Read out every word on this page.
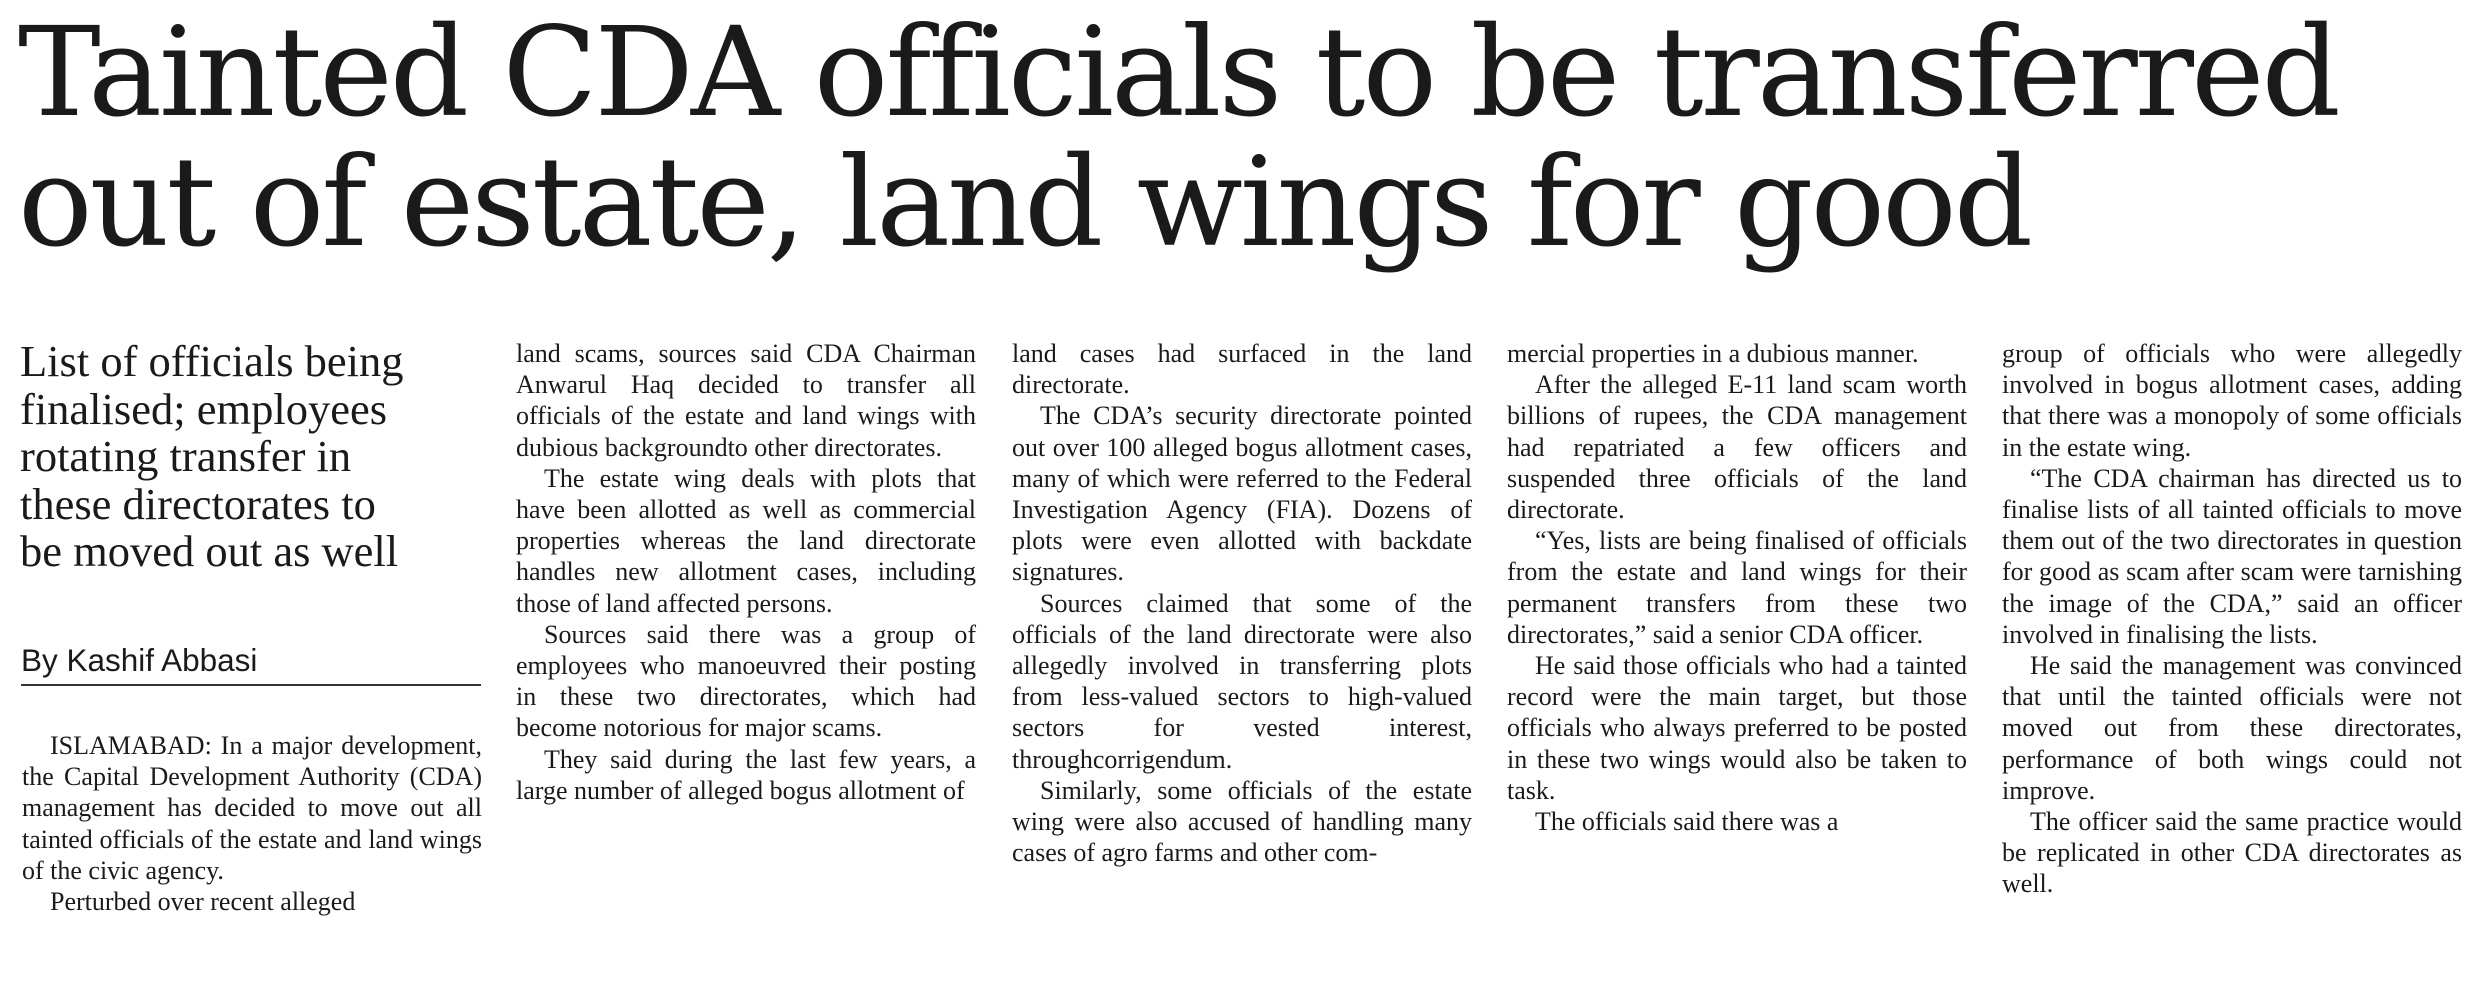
Tainted CDA officials to be transferred
out of estate, land wings for good
List of officials being
finalised; employees
rotating transfer in
these directorates to
be moved out as well
By Kashif Abbasi

ISLAMABAD: In a major development, the Capital Development Authority (CDA) management has decided to move out all tainted officials of the estate and land wings of the civic agency.

Perturbed over recent alleged

land scams, sources said CDA Chairman Anwarul Haq decided to transfer all officials of the estate and land wings with dubious backgroundto other directorates.

The estate wing deals with plots that have been allotted as well as commercial properties whereas the land directorate handles new allotment cases, including those of land affected persons.

Sources said there was a group of employees who manoeuvred their posting in these two directorates, which had become notorious for major scams.

They said during the last few years, a large number of alleged bogus allotment of

land cases had surfaced in the land directorate.

The CDA’s security directorate pointed out over 100 alleged bogus allotment cases, many of which were referred to the Federal Investigation Agency (FIA). Dozens of plots were even allotted with backdate signatures.

Sources claimed that some of the officials of the land directorate were also allegedly involved in transferring plots from less-valued sectors to high-valued sectors for vested interest, throughcorrigendum.

Similarly, some officials of the estate wing were also accused of handling many cases of agro farms and other com-

mercial properties in a dubious manner.

After the alleged E-11 land scam worth billions of rupees, the CDA management had repatriated a few officers and suspended three officials of the land directorate.

“Yes, lists are being finalised of officials from the estate and land wings for their permanent transfers from these two directorates,” said a senior CDA officer.

He said those officials who had a tainted record were the main target, but those officials who always preferred to be posted in these two wings would also be taken to task.

The officials said there was a

group of officials who were allegedly involved in bogus allotment cases, adding that there was a monopoly of some officials in the estate wing.

“The CDA chairman has directed us to finalise lists of all tainted officials to move them out of the two directorates in question for good as scam after scam were tarnishing the image of the CDA,” said an officer involved in finalising the lists.

He said the management was convinced that until the tainted officials were not moved out from these directorates, performance of both wings could not improve.

The officer said the same practice would be replicated in other CDA directorates as well.
